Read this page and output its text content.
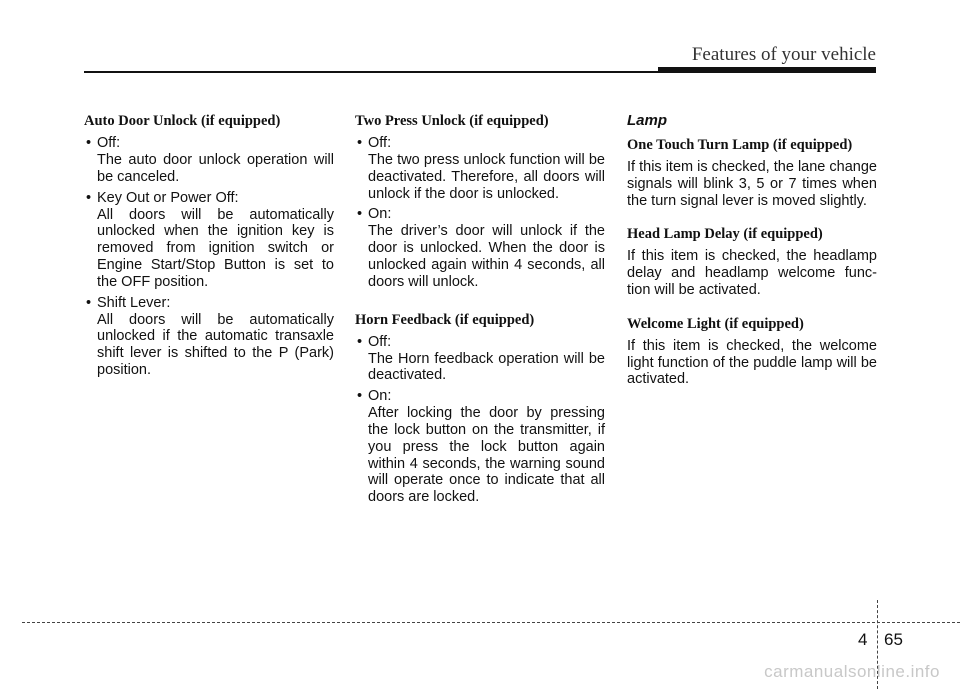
Features of your vehicle
Auto Door Unlock (if equipped)
• Off:
The auto door unlock operation will be canceled.
• Key Out or Power Off:
All doors will be automatically unlocked when the ignition key is removed from ignition switch or Engine Start/Stop Button is set to the OFF position.
• Shift Lever:
All doors will be automatically unlocked if the automatic transaxle shift lever is shifted to the P (Park) position.
Two Press Unlock (if equipped)
• Off:
The two press unlock function will be deactivated. Therefore, all doors will unlock if the door is unlocked.
• On:
The driver’s door will unlock if the door is unlocked. When the door is unlocked again within 4 seconds, all doors will unlock.
Horn Feedback (if equipped)
• Off:
The Horn feedback operation will be deactivated.
• On:
After locking the door by pressing the lock button on the transmitter, if you press the lock button again within 4 seconds, the warning sound will operate once to indicate that all doors are locked.
Lamp
One Touch Turn Lamp (if equipped)
If this item is checked, the lane change signals will blink 3, 5 or 7 times when the turn signal lever is moved slightly.
Head Lamp Delay (if equipped)
If this item is checked, the headlamp delay and headlamp welcome func-tion will be activated.
Welcome Light (if equipped)
If this item is checked, the welcome light function of the puddle lamp will be activated.
4 65
carmanualsonline.info
